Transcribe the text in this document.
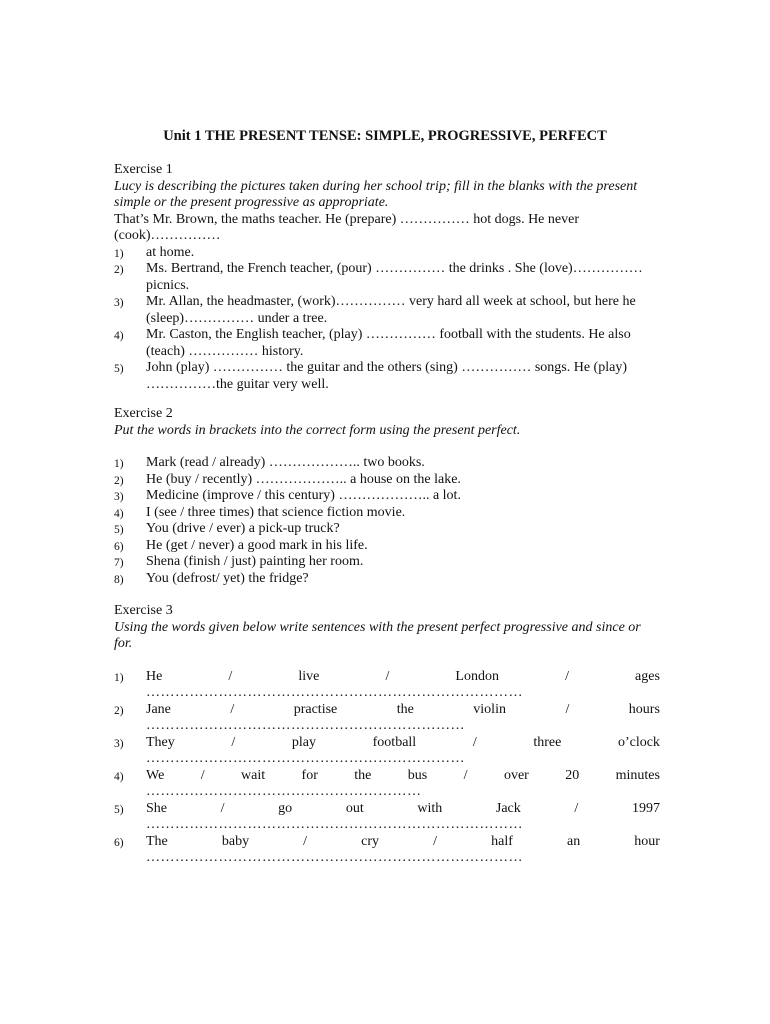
Unit 1 THE PRESENT TENSE: SIMPLE, PROGRESSIVE, PERFECT
Exercise 1
Lucy is describing the pictures taken during her school trip; fill in the blanks with the present simple or the present progressive as appropriate.
That’s Mr. Brown, the maths teacher. He (prepare) …………… hot dogs. He never (cook)……………
1)	at home.
2)	Ms. Bertrand, the French teacher, (pour) …………… the drinks . She (love)…………… picnics.
3)	Mr. Allan, the headmaster, (work)…………… very hard all week at school, but here he (sleep)…………… under a tree.
4)	Mr. Caston, the English teacher, (play) …………… football with the students. He also (teach) …………… history.
5)	John (play) …………… the guitar and the others (sing) …………… songs. He (play) ……………the guitar very well.
Exercise 2
Put the words in brackets into the correct form using the present perfect.
1)	Mark (read / already) ……………….. two books.
2)	He (buy / recently) ……………….. a house on the lake.
3)	Medicine (improve / this century) ……………….. a lot.
4)	I (see / three times) that science fiction movie.
5)	You (drive / ever) a pick-up truck?
6)	He (get / never) a good mark in his life.
7)	Shena (finish / just) painting her room.
8)	You (defrost/ yet) the fridge?
Exercise 3
Using the words given below write sentences with the present perfect progressive and since or for.
1)	He	/	live	/	London	/	ages
……………………………………………………………………
2)	Jane	/	practise	the	violin	/	hours
…………………………………………………………
3)	They	/	play	football	/	three	o’clock
…………………………………………………………
4)	We	/	wait	for	the	bus	/	over	20	minutes
…………………………………………………
5)	She	/	go	out	with	Jack	/	1997
……………………………………………………………………
6)	The	baby	/	cry	/	half	an	hour
……………………………………………………………………
